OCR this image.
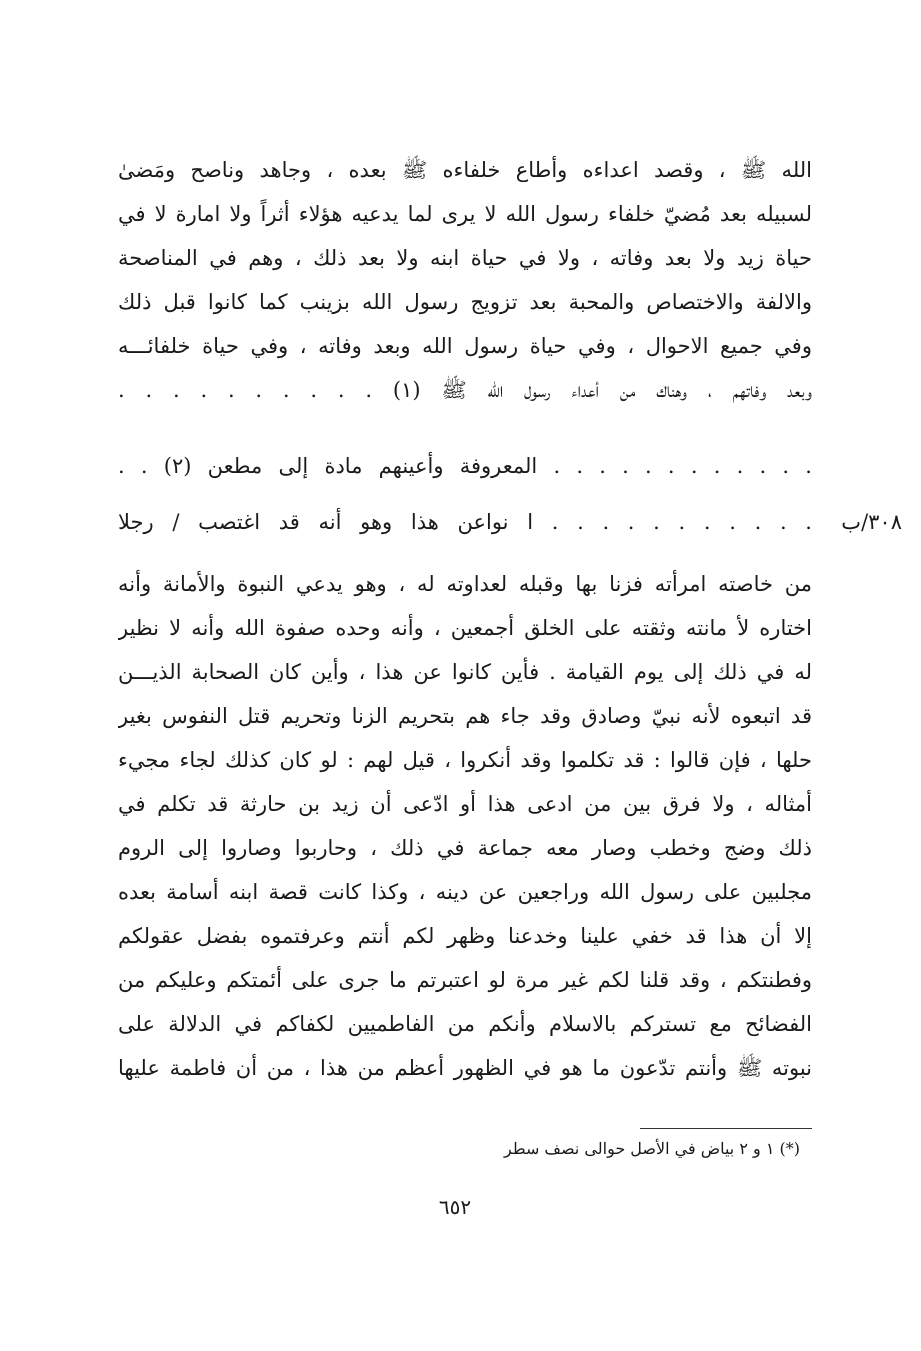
الله ﷺ ، وقصد اعداءه وأطاع خلفاءه ﷺ بعده ، وجاهد وناصح ومَضىٰ
لسبيله بعد مُضيّ خلفاء رسول الله لا يرى لما يدعيه هؤلاء أثراً ولا امارة لا في
حياة زيد ولا بعد وفاته ، ولا في حياة ابنه ولا بعد ذلك ، وهم في المناصحة
والالفة والاختصاص والمحبة بعد تزويج رسول الله بزينب كما كانوا قبل ذلك
وفي جميع الاحوال ، وفي حياة رسول الله وبعد وفاته ، وفي حياة خلفائـــه
وبعد وفاتهم ، وهناك من أعداء رسول الله ﷺ (١) . . . . . . . . . .
. . . . . . . . . . . . المعروفة وأعينهم مادة إلى مطعن (٢) . .
. . . . . . . . . . . ا نواعن هذا وهو أنه قد اغتصب / رجلا	٣٠٨/ب
من خاصته امرأته فزنا بها وقبله لعداوته له ، وهو يدعي النبوة والأمانة وأنه
اختاره لأ مانته وثقته على الخلق أجمعين ، وأنه وحده صفوة الله وأنه لا نظير
له في ذلك إلى يوم القيامة . فأين كانوا عن هذا ، وأين كان الصحابة الذيـــن
قد اتبعوه لأنه نبيّ وصادق وقد جاء هم بتحريم الزنا وتحريم قتل النفوس بغير
حلها ، فإن قالوا : قد تكلموا وقد أنكروا ، قيل لهم : لو كان كذلك لجاء مجيء
أمثاله ، ولا فرق بين من ادعى هذا أو ادّعى أن زيد بن حارثة قد تكلم في
ذلك وضج وخطب وصار معه جماعة في ذلك ، وحاربوا وصاروا إلى الروم
مجلبين على رسول الله وراجعين عن دينه ، وكذا كانت قصة ابنه أسامة بعده
إلا أن هذا قد خفي علينا وخدعنا وظهر لكم أنتم وعرفتموه بفضل عقولكم
وفطنتكم ، وقد قلنا لكم غير مرة لو اعتبرتم ما جرى على أئمتكم وعليكم من
الفضائح مع تستركم بالاسلام وأنكم من الفاطميين لكفاكم في الدلالة على
نبوته ﷺ وأنتم تدّعون ما هو في الظهور أعظم من هذا ، من أن فاطمة عليها
(*) ١ و ٢ بياض في الأصل حوالى نصف سطر
٦٥٢
